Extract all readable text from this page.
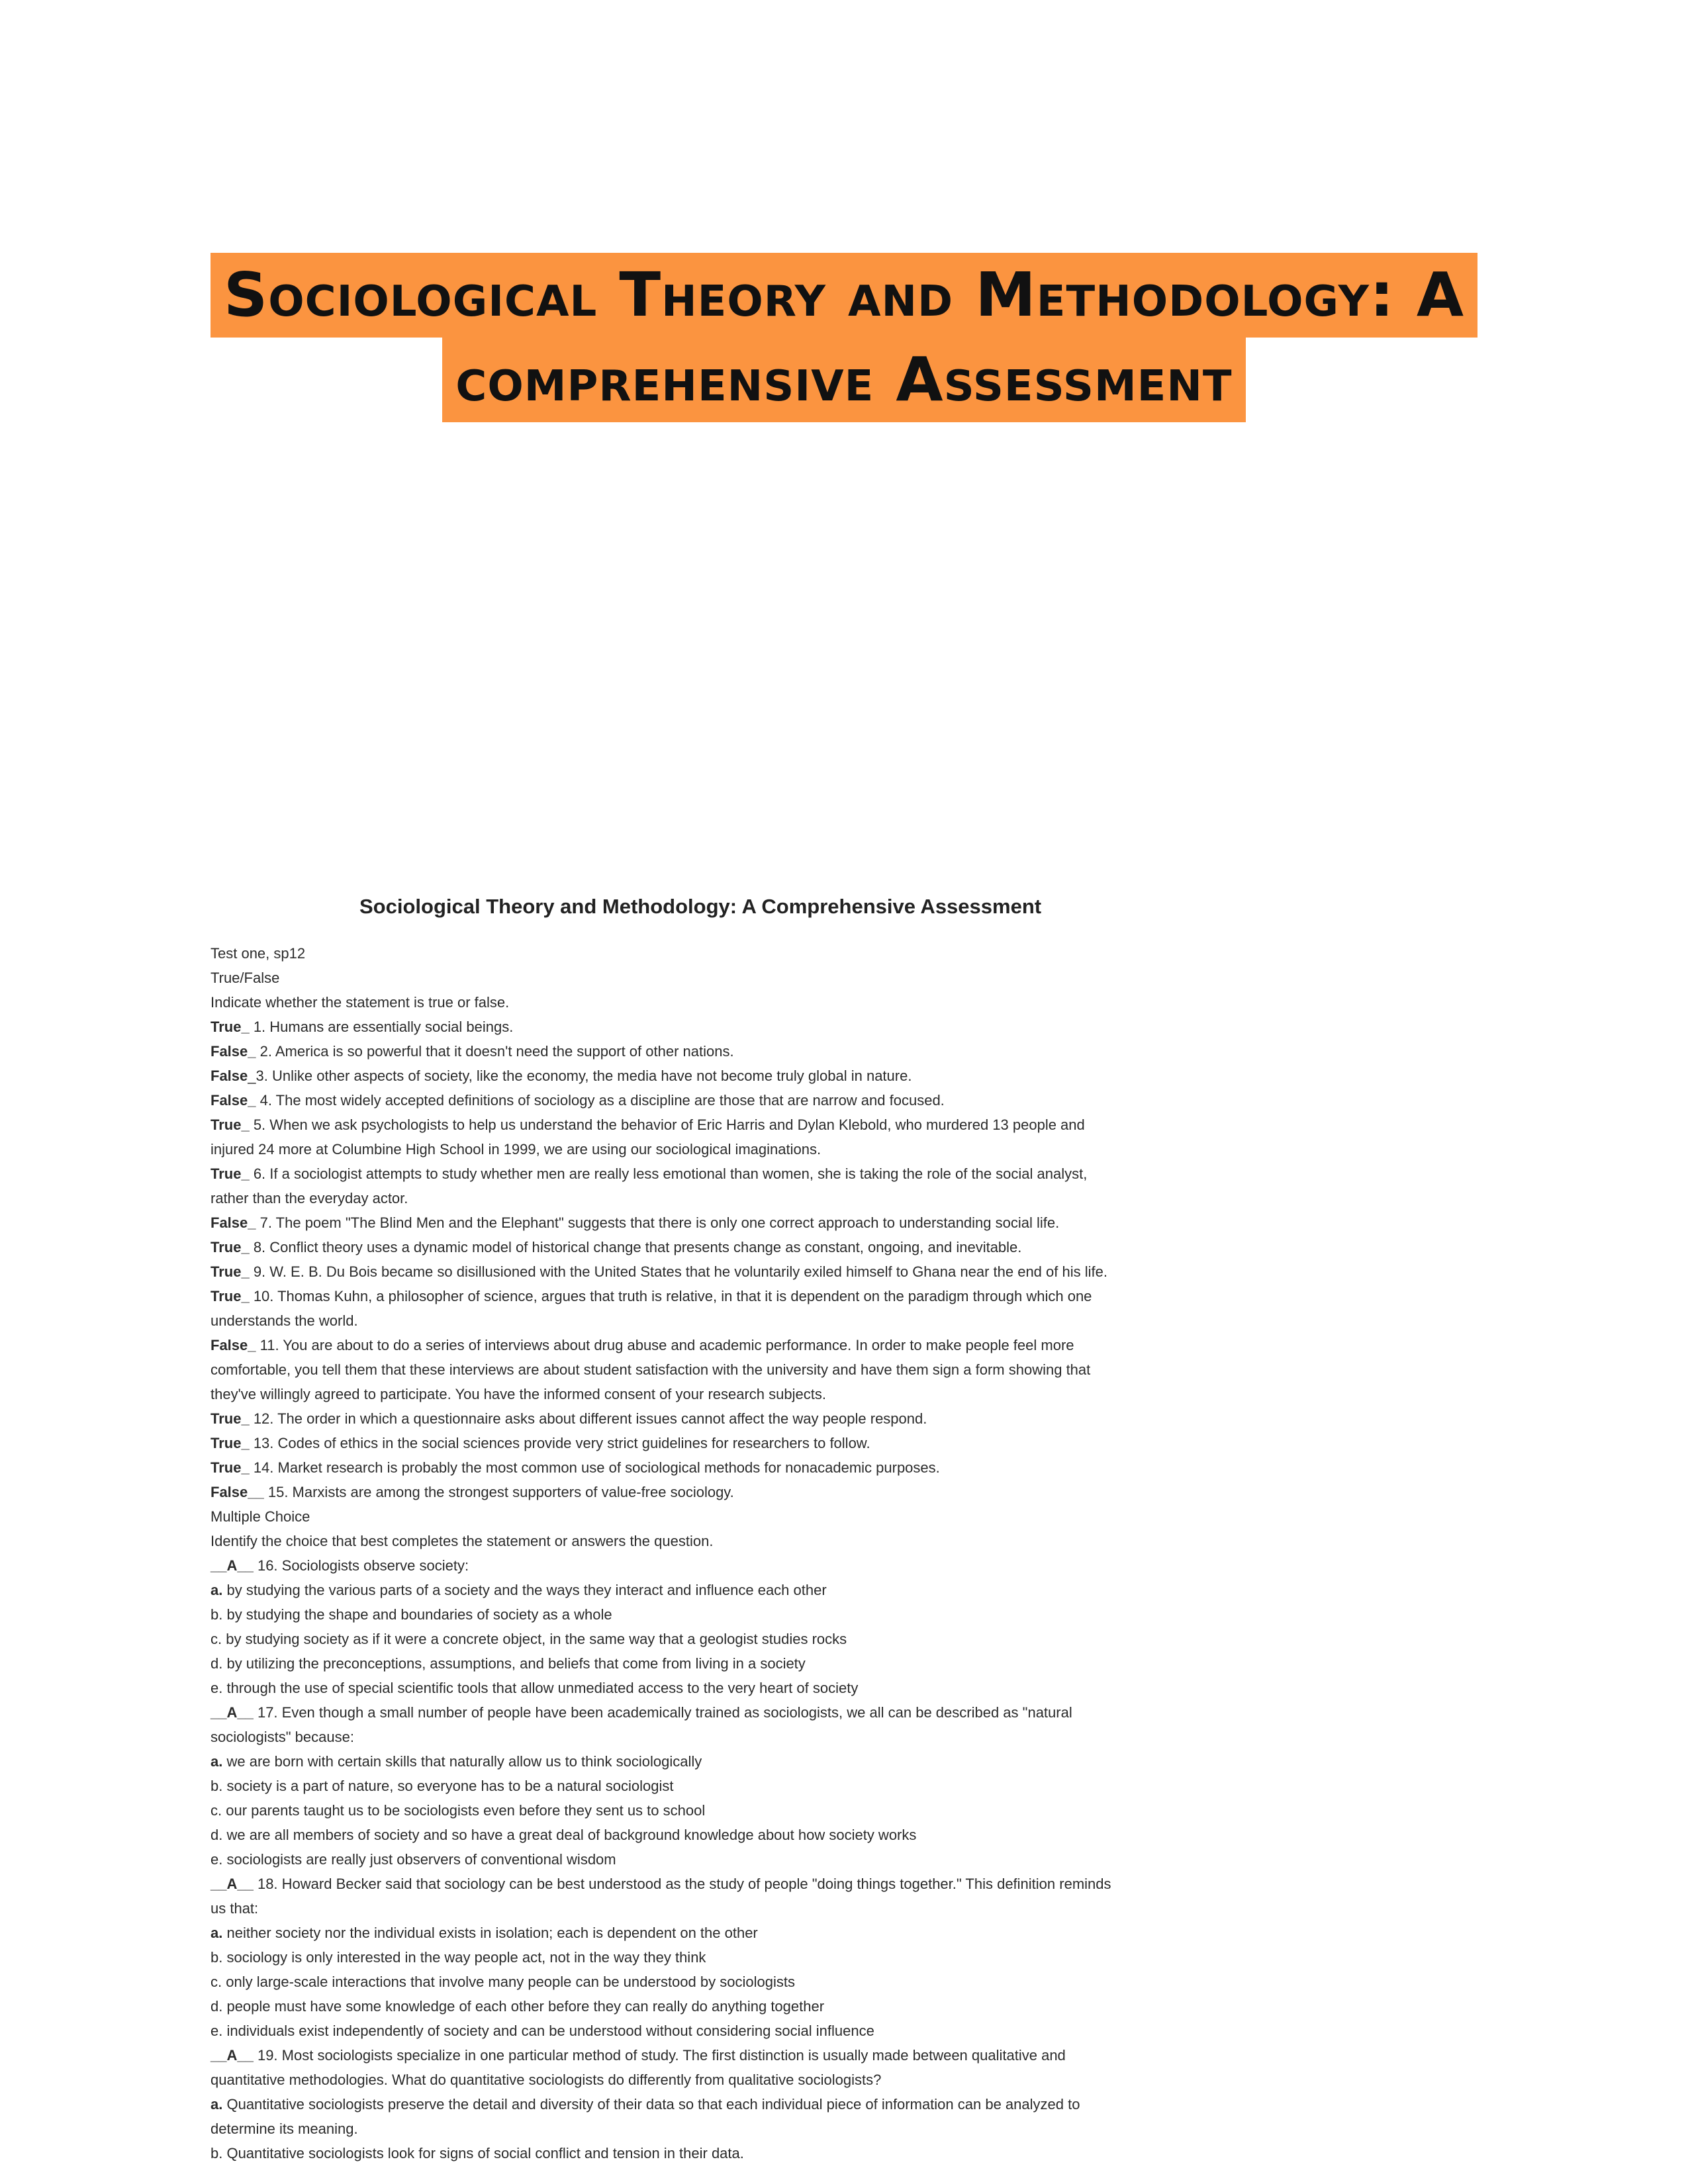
Sociological Theory and Methodology: A
comprehensive Assessment
Sociological Theory and Methodology: A Comprehensive Assessment
Test one, sp12
True/False
Indicate whether the statement is true or false.
True_ 1. Humans are essentially social beings.
False_ 2. America is so powerful that it doesn't need the support of other nations.
False_3. Unlike other aspects of society, like the economy, the media have not become truly global in nature.
False_ 4. The most widely accepted definitions of sociology as a discipline are those that are narrow and focused.
True_ 5. When we ask psychologists to help us understand the behavior of Eric Harris and Dylan Klebold, who murdered 13 people and
injured 24 more at Columbine High School in 1999, we are using our sociological imaginations.
True_ 6. If a sociologist attempts to study whether men are really less emotional than women, she is taking the role of the social analyst,
rather than the everyday actor.
False_ 7. The poem "The Blind Men and the Elephant" suggests that there is only one correct approach to understanding social life.
True_ 8. Conflict theory uses a dynamic model of historical change that presents change as constant, ongoing, and inevitable.
True_ 9. W. E. B. Du Bois became so disillusioned with the United States that he voluntarily exiled himself to Ghana near the end of his life.
True_ 10. Thomas Kuhn, a philosopher of science, argues that truth is relative, in that it is dependent on the paradigm through which one
understands the world.
False_ 11. You are about to do a series of interviews about drug abuse and academic performance. In order to make people feel more
comfortable, you tell them that these interviews are about student satisfaction with the university and have them sign a form showing that
they've willingly agreed to participate. You have the informed consent of your research subjects.
True_ 12. The order in which a questionnaire asks about different issues cannot affect the way people respond.
True_ 13. Codes of ethics in the social sciences provide very strict guidelines for researchers to follow.
True_ 14. Market research is probably the most common use of sociological methods for nonacademic purposes.
False__ 15. Marxists are among the strongest supporters of value-free sociology.
Multiple Choice
Identify the choice that best completes the statement or answers the question.
__A__ 16. Sociologists observe society:
a. by studying the various parts of a society and the ways they interact and influence each other
b. by studying the shape and boundaries of society as a whole
c. by studying society as if it were a concrete object, in the same way that a geologist studies rocks
d. by utilizing the preconceptions, assumptions, and beliefs that come from living in a society
e. through the use of special scientific tools that allow unmediated access to the very heart of society
__A__ 17. Even though a small number of people have been academically trained as sociologists, we all can be described as "natural
sociologists" because:
a. we are born with certain skills that naturally allow us to think sociologically
b. society is a part of nature, so everyone has to be a natural sociologist
c. our parents taught us to be sociologists even before they sent us to school
d. we are all members of society and so have a great deal of background knowledge about how society works
e. sociologists are really just observers of conventional wisdom
__A__ 18. Howard Becker said that sociology can be best understood as the study of people "doing things together." This definition reminds
us that:
a. neither society nor the individual exists in isolation; each is dependent on the other
b. sociology is only interested in the way people act, not in the way they think
c. only large-scale interactions that involve many people can be understood by sociologists
d. people must have some knowledge of each other before they can really do anything together
e. individuals exist independently of society and can be understood without considering social influence
__A__ 19. Most sociologists specialize in one particular method of study. The first distinction is usually made between qualitative and
quantitative methodologies. What do quantitative sociologists do differently from qualitative sociologists?
a. Quantitative sociologists preserve the detail and diversity of their data so that each individual piece of information can be analyzed to
determine its meaning.
b. Quantitative sociologists look for signs of social conflict and tension in their data.
